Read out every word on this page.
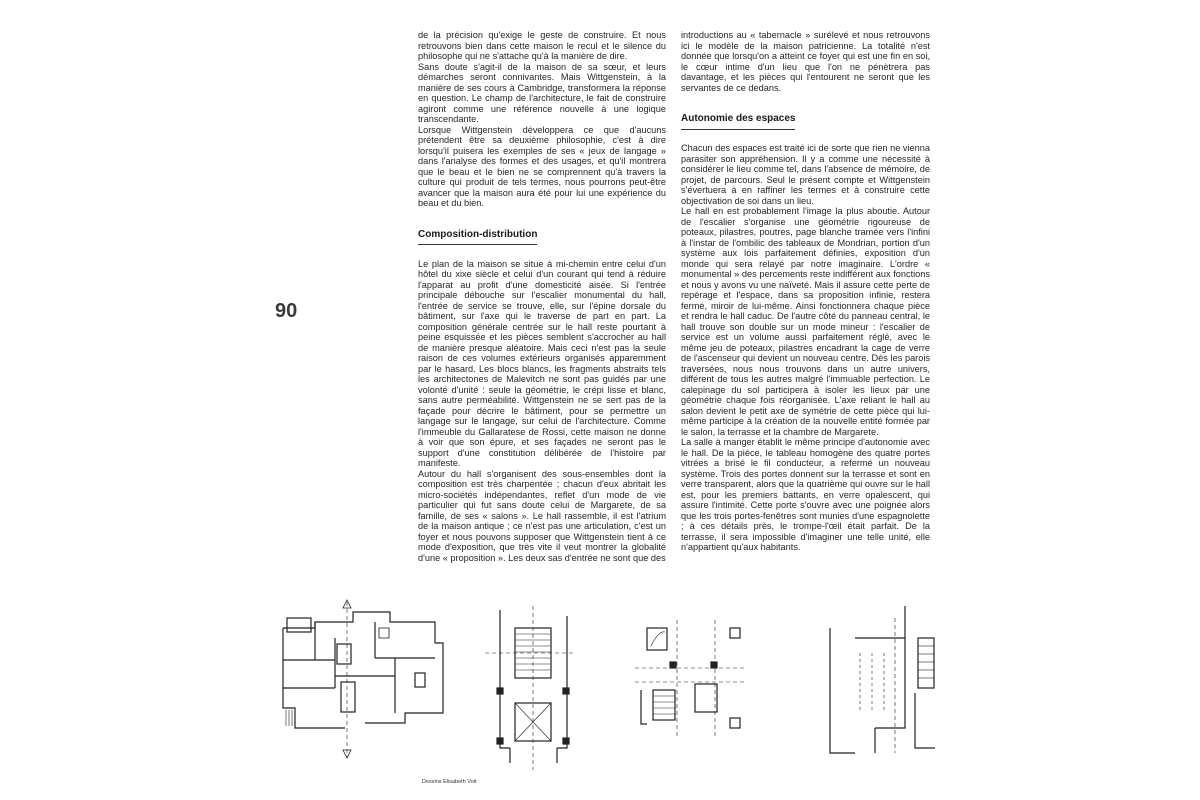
90

de la précision qu'exige le geste de construire. Et nous retrouvons bien dans cette maison le recul et le silence du philosophe qui ne s'attache qu'à la manière de dire.

Sans doute s'agit-il de la maison de sa sœur, et leurs démarches seront connivantes. Mais Wittgenstein, à la manière de ses cours à Cambridge, transformera la réponse en question. Le champ de l'architecture, le fait de construire agiront comme une référence nouvelle à une logique transcendante.

Lorsque Wittgenstein développera ce que d'aucuns prétendent être sa deuxième philosophie, c'est à dire lorsqu'il puisera les exemples de ses « jeux de langage » dans l'analyse des formes et des usages, et qu'il montrera que le beau et le bien ne se comprennent qu'à travers la culture qui produit de tels termes, nous pourrons peut-être avancer que la maison aura été pour lui une expérience du beau et du bien.

Composition-distribution

Le plan de la maison se situe à mi-chemin entre celui d'un hôtel du xixe siècle et celui d'un courant qui tend à réduire l'apparat au profit d'une domesticité aisée. Si l'entrée principale débouche sur l'escalier monumental du hall, l'entrée de service se trouve, elle, sur l'épine dorsale du bâtiment, sur l'axe qui le traverse de part en part. La composition générale centrée sur le hall reste pourtant à peine esquissée et les pièces semblent s'accrocher au hall de manière presque aléatoire. Mais ceci n'est pas la seule raison de ces volumes extérieurs organisés apparemment par le hasard. Les blocs blancs, les fragments abstraits tels les architectones de Malevitch ne sont pas guidés par une volonté d'unité : seule la géométrie, le crépi lisse et blanc, sans autre perméabilité. Wittgenstein ne se sert pas de la façade pour décrire le bâtiment, pour se permettre un langage sur le langage, sur celui de l'architecture. Comme l'immeuble du Gallaratese de Rossi, cette maison ne donne à voir que son épure, et ses façades ne seront pas le support d'une constitution délibérée de l'histoire par manifeste.

Autour du hall s'organisent des sous-ensembles dont la composition est très charpentée ; chacun d'eux abritait les micro-sociétés indépendantes, reflet d'un mode de vie particulier qui fut sans doute celui de Margarete, de sa famille, de ses « salons ». Le hall rassemble, il est l'atrium de la maison antique ; ce n'est pas une articulation, c'est un foyer et nous pouvons supposer que Wittgenstein tient à ce mode d'exposition, que très vite il veut montrer la globalité d'une « proposition ». Les deux sas d'entrée ne sont que des

introductions au « tabernacle » surélevé et nous retrouvons ici le modèle de la maison patricienne. La totalité n'est donnée que lorsqu'on a atteint ce foyer qui est une fin en soi, le cœur intime d'un lieu que l'on ne pénètrera pas davantage, et les pièces qui l'entourent ne seront que les servantes de ce dedans.

Autonomie des espaces

Chacun des espaces est traité ici de sorte que rien ne vienna parasiter son appréhension. Il y a comme une nécessité à considérer le lieu comme tel, dans l'absence de mémoire, de projet, de parcours. Seul le présent compte et Wittgenstein s'évertuera à en raffiner les termes et à construire cette objectivation de soi dans un lieu.

Le hall en est probablement l'image la plus aboutie. Autour de l'escalier s'organise une géométrie rigoureuse de poteaux, pilastres, poutres, page blanche tramée vers l'infini à l'instar de l'ombilic des tableaux de Mondrian, portion d'un système aux lois parfaitement définies, exposition d'un monde qui sera relayé par notre imaginaire. L'ordre « monumental » des percements reste indifférent aux fonctions et nous y avons vu une naïveté. Mais il assure cette perte de repérage et l'espace, dans sa proposition infinie, restera fermé, miroir de lui-même. Ainsi fonctionnera chaque pièce et rendra le hall caduc. De l'autre côté du panneau central, le hall trouve son double sur un mode mineur : l'escalier de service est un volume aussi parfaitement réglé, avec le même jeu de poteaux, pilastres encadrant la cage de verre de l'ascenseur qui devient un nouveau centre. Dès les parois traversées, nous nous trouvons dans un autre univers, différent de tous les autres malgré l'immuable perfection. Le calepinage du sol participera à isoler les lieux par une géométrie chaque fois réorganisée. L'axe reliant le hall au salon devient le petit axe de symétrie de cette pièce qui lui-même participe à la création de la nouvelle entité formée par le salon, la terrasse et la chambre de Margarete.

La salle à manger établit le même principe d'autonomie avec le hall. De la pièce, le tableau homogène des quatre portes vitrées a brisé le fil conducteur, a refermé un nouveau système. Trois des portes donnent sur la terrasse et sont en verre transparent, alors que la quatrième qui ouvre sur le hall est, pour les premiers battants, en verre opalescent, qui assure l'intimité. Cette porte s'ouvre avec une poignée alors que les trois portes-fenêtres sont munies d'une espagnolette ; à ces détails près, le trompe-l'œil était parfait. De la terrasse, il sera impossible d'imaginer une telle unité, elle n'appartient qu'aux habitants.

Dessins Elisabeth Voit
